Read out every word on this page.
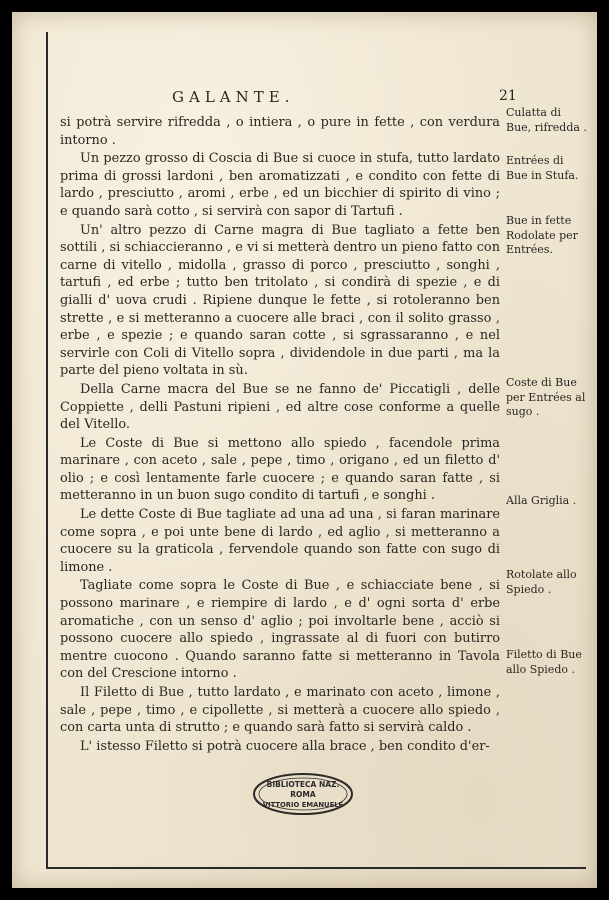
GALANTE.	21

si potrà servire rifredda , o intiera , o pure in fette , con verdura intorno .

Un pezzo grosso di Coscia di Bue si cuoce in stufa, tutto lardato prima di grossi lardoni , ben aromatizzati , e condito con fette di lardo , presciutto , aromi , erbe , ed un bicchier di spirito di vino ; e quando sarà cotto , si servirà con sapor di Tartufi .

Un' altro pezzo di Carne magra di Bue tagliato a fette ben sottili , si schiaccieranno , e vi si metterà dentro un pieno fatto con carne di vitello , midolla , grasso di porco , presciutto , songhi , tartufi , ed erbe ; tutto ben tritolato , si condirà di spezie , e di gialli d' uova crudi . Ripiene dunque le fette , si rotoleranno ben strette , e si metteranno a cuocere alle braci , con il solito grasso , erbe , e spezie ; e quando saran cotte , si sgrassaranno , e nel servirle con Coli di Vitello sopra , dividendole in due parti , ma la parte del pieno voltata in sù.

Della Carne macra del Bue se ne fanno de' Piccatigli , delle Coppiette , delli Pastuni ripieni , ed altre cose conforme a quelle del Vitello.

Le Coste di Bue si mettono allo spiedo , facendole prima marinare , con aceto , sale , pepe , timo , origano , ed un filetto d' olio ; e così lentamente farle cuocere ; e quando saran fatte , si metteranno in un buon sugo condito di tartufi , e songhi .

Le dette Coste di Bue tagliate ad una ad una , si faran marinare come sopra , e poi unte bene di lardo , ed aglio , si metteranno a cuocere su la graticola , fervendole quando son fatte con sugo di limone .

Tagliate come sopra le Coste di Bue , e schiacciate bene , si possono marinare , e riempire di lardo , e d' ogni sorta d' erbe aromatiche , con un senso d' aglio ; poi involtarle bene , acciò si possono cuocere allo spiedo , ingrassate al di fuori con butirro mentre cuocono . Quando saranno fatte si metteranno in Tavola con del Crescione intorno .

Il Filetto di Bue , tutto lardato , e marinato con aceto , limone , sale , pepe , timo , e cipollette , si metterà a cuocere allo spiedo , con carta unta di strutto ; e quando sarà fatto si servirà caldo .

L' istesso Filetto si potrà cuocere alla brace , ben condito d'er-

Culatta di Bue, rifredda .
Entrées di Bue in Stufa.
Bue in fette Rodolate per Entrées.
Coste di Bue per Entrées al sugo .
Alla Griglia .
Rotolate allo Spiedo .
Filetto di Bue allo Spiedo .
BIBLIOTECA NAZ.
ROMA
VITTORIO EMANUELE
